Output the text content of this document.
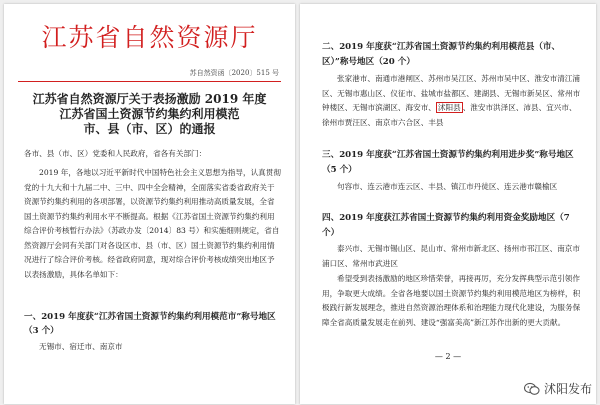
江苏省自然资源厅
苏自然资函〔2020〕515 号
江苏省自然资源厅关于表扬激励 2019 年度
江苏省国土资源节约集约利用模范
市、县（市、区）的通报
各市、县（市、区）党委和人民政府，省各有关部门：
2019 年，各地以习近平新时代中国特色社会主义思想为指导，认真贯彻党的十九大和十九届二中、三中、四中全会精神，全面落实省委省政府关于资源节约集约利用的各项部署，以资源节约集约利用推动高质量发展，全省国土资源节约集约利用水平不断提高。根据《江苏省国土资源节约集约利用综合评价考核暂行办法》（苏政办发〔2014〕83 号）和实施细则规定，省自然资源厅会同有关部门对各设区市、县（市、区）国土资源节约集约利用情况进行了综合评价考核。经省政府同意，现对综合评价考核成绩突出地区予以表扬激励，具体名单如下：
一、2019 年度获“江苏省国土资源节约集约利用模范市”称号地区（3 个）
无锡市、宿迁市、南京市
二、2019 年度获“江苏省国土资源节约集约利用模范县（市、区）”称号地区（20 个）
张家港市、南通市港闸区、苏州市吴江区、苏州市吴中区、淮安市清江浦区、无锡市惠山区、仪征市、盐城市盐都区、建湖县、无锡市新吴区、常州市钟楼区、无锡市滨湖区、海安市、 沭阳县 、淮安市洪泽区、沛县、宜兴市、徐州市贾汪区、南京市六合区、丰县
三、2019 年度获“江苏省国土资源节约集约利用进步奖”称号地区（5 个）
句容市、连云港市连云区、丰县、镇江市丹徒区、连云港市赣榆区
四、2019 年度获江苏省国土资源节约集约利用资金奖励地区（7 个）
泰兴市、无锡市锡山区、昆山市、常州市新北区、扬州市邗江区、南京市浦口区、常州市武进区
希望受到表扬激励的地区珍惜荣誉，再接再厉，充分发挥典型示范引领作用，争取更大成绩。全省各地要以国土资源节约集约利用模范地区为榜样，积极践行新发展理念，推进自然资源治理体系和治理能力现代化建设，为服务保障全省高质量发展走在前列、建设“强富美高”新江苏作出新的更大贡献。
— 2 —
沭阳发布
